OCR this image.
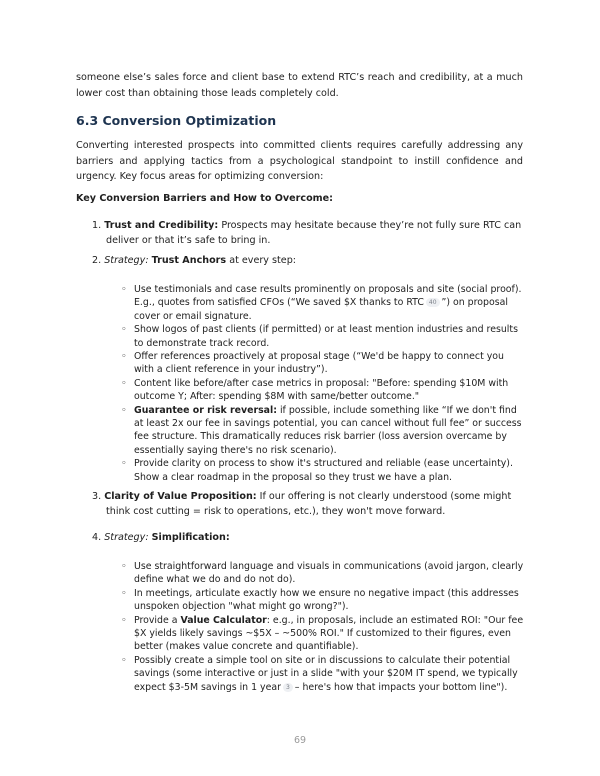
someone else’s sales force and client base to extend RTC’s reach and credibility, at a much lower cost than obtaining those leads completely cold.

6.3 Conversion Optimization

Converting interested prospects into committed clients requires carefully addressing any barriers and applying tactics from a psychological standpoint to instill confidence and urgency. Key focus areas for optimizing conversion:

Key Conversion Barriers and How to Overcome:
1. Trust and Credibility: Prospects may hesitate because they’re not fully sure RTC can deliver or that it’s safe to bring in.
2. Strategy: Trust Anchors at every step:
◦ Use testimonials and case results prominently on proposals and site (social proof). E.g., quotes from satisfied CFOs (“We saved $X thanks to RTC 40 ”) on proposal cover or email signature.
◦ Show logos of past clients (if permitted) or at least mention industries and results to demonstrate track record.
◦ Offer references proactively at proposal stage (“We'd be happy to connect you with a client reference in your industry”).
◦ Content like before/after case metrics in proposal: "Before: spending $10M with outcome Y; After: spending $8M with same/better outcome."
◦ Guarantee or risk reversal: if possible, include something like “If we don't find at least 2x our fee in savings potential, you can cancel without full fee” or success fee structure. This dramatically reduces risk barrier (loss aversion overcame by essentially saying there's no risk scenario).
◦ Provide clarity on process to show it's structured and reliable (ease uncertainty). Show a clear roadmap in the proposal so they trust we have a plan.
3. Clarity of Value Proposition: If our offering is not clearly understood (some might think cost cutting = risk to operations, etc.), they won't move forward.
4. Strategy: Simplification:
◦ Use straightforward language and visuals in communications (avoid jargon, clearly define what we do and do not do).
◦ In meetings, articulate exactly how we ensure no negative impact (this addresses unspoken objection "what might go wrong?").
◦ Provide a Value Calculator: e.g., in proposals, include an estimated ROI: "Our fee $X yields likely savings ~$5X – ~500% ROI." If customized to their figures, even better (makes value concrete and quantifiable).
◦ Possibly create a simple tool on site or in discussions to calculate their potential savings (some interactive or just in a slide "with your $20M IT spend, we typically expect $3-5M savings in 1 year 3 – here's how that impacts your bottom line").
69
